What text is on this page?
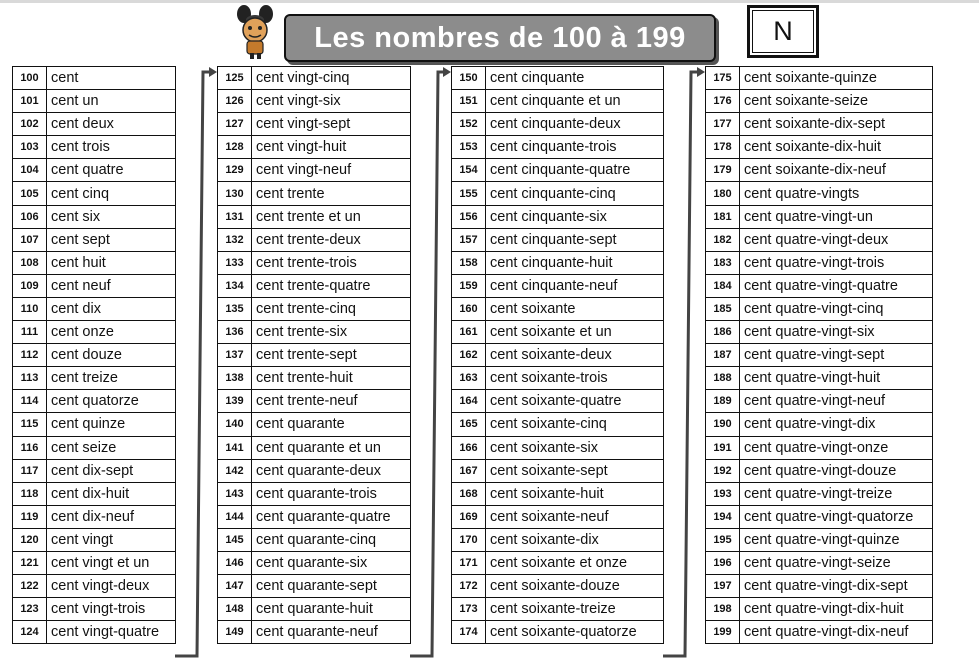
Les nombres de 100 à 199	N
100 cent
101 cent un
102 cent deux
103 cent trois
104 cent quatre
105 cent cinq
106 cent six
107 cent sept
108 cent huit
109 cent neuf
110 cent dix
111 cent onze
112 cent douze
113 cent treize
114 cent quatorze
115 cent quinze
116 cent seize
117 cent dix-sept
118 cent dix-huit
119 cent dix-neuf
120 cent vingt
121 cent vingt et un
122 cent vingt-deux
123 cent vingt-trois
124 cent vingt-quatre
125 cent vingt-cinq
126 cent vingt-six
127 cent vingt-sept
128 cent vingt-huit
129 cent vingt-neuf
130 cent trente
131 cent trente et un
132 cent trente-deux
133 cent trente-trois
134 cent trente-quatre
135 cent trente-cinq
136 cent trente-six
137 cent trente-sept
138 cent trente-huit
139 cent trente-neuf
140 cent quarante
141 cent quarante et un
142 cent quarante-deux
143 cent quarante-trois
144 cent quarante-quatre
145 cent quarante-cinq
146 cent quarante-six
147 cent quarante-sept
148 cent quarante-huit
149 cent quarante-neuf
150 cent cinquante
151 cent cinquante et un
152 cent cinquante-deux
153 cent cinquante-trois
154 cent cinquante-quatre
155 cent cinquante-cinq
156 cent cinquante-six
157 cent cinquante-sept
158 cent cinquante-huit
159 cent cinquante-neuf
160 cent soixante
161 cent soixante et un
162 cent soixante-deux
163 cent soixante-trois
164 cent soixante-quatre
165 cent soixante-cinq
166 cent soixante-six
167 cent soixante-sept
168 cent soixante-huit
169 cent soixante-neuf
170 cent soixante-dix
171 cent soixante et onze
172 cent soixante-douze
173 cent soixante-treize
174 cent soixante-quatorze
175 cent soixante-quinze
176 cent soixante-seize
177 cent soixante-dix-sept
178 cent soixante-dix-huit
179 cent soixante-dix-neuf
180 cent quatre-vingts
181 cent quatre-vingt-un
182 cent quatre-vingt-deux
183 cent quatre-vingt-trois
184 cent quatre-vingt-quatre
185 cent quatre-vingt-cinq
186 cent quatre-vingt-six
187 cent quatre-vingt-sept
188 cent quatre-vingt-huit
189 cent quatre-vingt-neuf
190 cent quatre-vingt-dix
191 cent quatre-vingt-onze
192 cent quatre-vingt-douze
193 cent quatre-vingt-treize
194 cent quatre-vingt-quatorze
195 cent quatre-vingt-quinze
196 cent quatre-vingt-seize
197 cent quatre-vingt-dix-sept
198 cent quatre-vingt-dix-huit
199 cent quatre-vingt-dix-neuf
